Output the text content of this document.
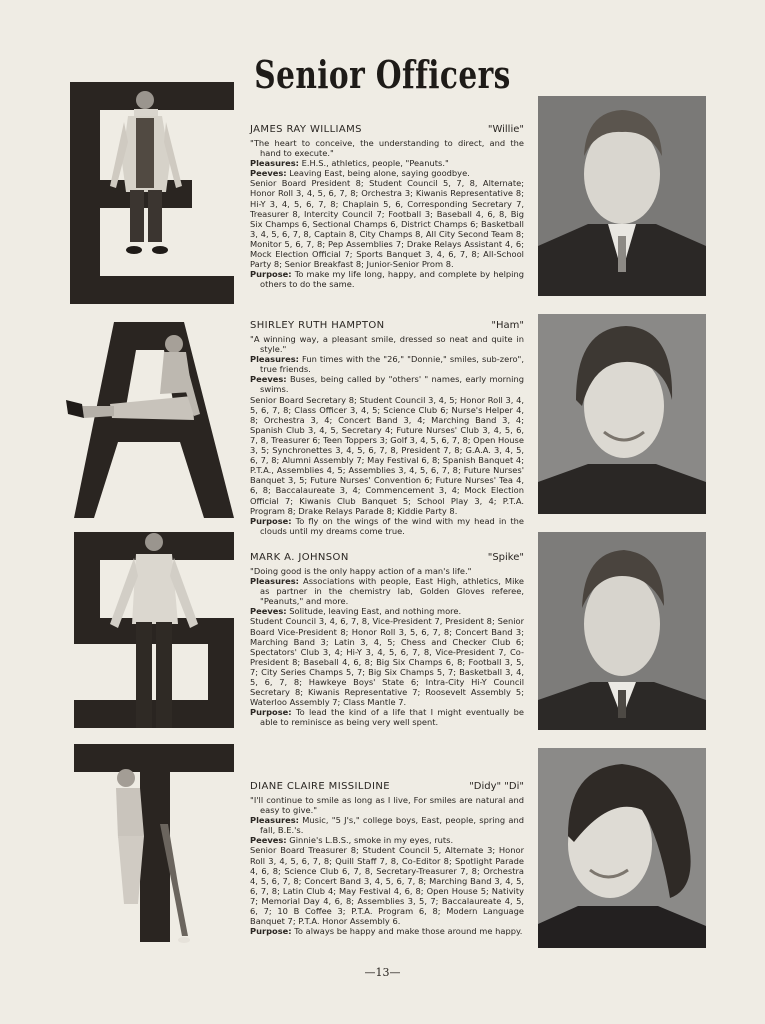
Senior Officers
JAMES RAY WILLIAMS	"Willie"
"The heart to conceive, the understanding to direct, and the hand to execute."
Pleasures: E.H.S., athletics, people, "Peanuts."
Peeves: Leaving East, being alone, saying goodbye.
Senior Board President 8; Student Council 5, 7, 8, Alternate; Honor Roll 3, 4, 5, 6, 7, 8; Orchestra 3; Kiwanis Representative 8; Hi-Y 3, 4, 5, 6, 7, 8; Chaplain 5, 6, Corresponding Secretary 7, Treasurer 8, Intercity Council 7; Football 3; Baseball 4, 6, 8, Big Six Champs 6, Sectional Champs 6, District Champs 6; Basketball 3, 4, 5, 6, 7, 8, Captain 8, City Champs 8, All City Second Team 8; Monitor 5, 6, 7, 8; Pep Assemblies 7; Drake Relays Assistant 4, 6; Mock Election Official 7; Sports Banquet 3, 4, 6, 7, 8; All-School Party 8; Senior Breakfast 8; Junior-Senior Prom 8.
Purpose: To make my life long, happy, and complete by helping others to do the same.
SHIRLEY RUTH HAMPTON	"Ham"
"A winning way, a pleasant smile, dressed so neat and quite in style."
Pleasures: Fun times with the "26," "Donnie," smiles, sub-zero", true friends.
Peeves: Buses, being called by "others' " names, early morning swims.
Senior Board Secretary 8; Student Council 3, 4, 5; Honor Roll 3, 4, 5, 6, 7, 8; Class Officer 3, 4, 5; Science Club 6; Nurse's Helper 4, 8; Orchestra 3, 4; Concert Band 3, 4; Marching Band 3, 4; Spanish Club 3, 4, 5, Secretary 4; Future Nurses' Club 3, 4, 5, 6, 7, 8, Treasurer 6; Teen Toppers 3; Golf 3, 4, 5, 6, 7, 8; Open House 3, 5; Synchronettes 3, 4, 5, 6, 7, 8, President 7, 8; G.A.A. 3, 4, 5, 6, 7, 8; Alumni Assembly 7; May Festival 6, 8; Spanish Banquet 4; P.T.A., Assemblies 4, 5; Assemblies 3, 4, 5, 6, 7, 8; Future Nurses' Banquet 3, 5; Future Nurses' Convention 6; Future Nurses' Tea 4, 6, 8; Baccalaureate 3, 4; Commencement 3, 4; Mock Election Official 7; Kiwanis Club Banquet 5; School Play 3, 4; P.T.A. Program 8; Drake Relays Parade 8; Kiddie Party 8.
Purpose: To fly on the wings of the wind with my head in the clouds until my dreams come true.
MARK A. JOHNSON	"Spike"
"Doing good is the only happy action of a man's life."
Pleasures: Associations with people, East High, athletics, Mike as partner in the chemistry lab, Golden Gloves referee, "Peanuts," and more.
Peeves: Solitude, leaving East, and nothing more.
Student Council 3, 4, 6, 7, 8, Vice-President 7, President 8; Senior Board Vice-President 8; Honor Roll 3, 5, 6, 7, 8; Concert Band 3; Marching Band 3; Latin 3, 4, 5; Chess and Checker Club 6; Spectators' Club 3, 4; Hi-Y 3, 4, 5, 6, 7, 8, Vice-President 7, Co-President 8; Baseball 4, 6, 8; Big Six Champs 6, 8; Football 3, 5, 7; City Series Champs 5, 7; Big Six Champs 5, 7; Basketball 3, 4, 5, 6, 7, 8; Hawkeye Boys' State 6; Intra-City Hi-Y Council Secretary 8; Kiwanis Representative 7; Roosevelt Assembly 5; Waterloo Assembly 7; Class Mantle 7.
Purpose: To lead the kind of a life that I might eventually be able to reminisce as being very well spent.
DIANE CLAIRE MISSILDINE	"Didy" "Di"
"I'll continue to smile as long as I live, For smiles are natural and easy to give."
Pleasures: Music, "5 J's," college boys, East, people, spring and fall, B.E.'s.
Peeves: Ginnie's L.B.S., smoke in my eyes, ruts.
Senior Board Treasurer 8; Student Council 5, Alternate 3; Honor Roll 3, 4, 5, 6, 7, 8; Quill Staff 7, 8, Co-Editor 8; Spotlight Parade 4, 6, 8; Science Club 6, 7, 8, Secretary-Treasurer 7, 8; Orchestra 4, 5, 6, 7, 8; Concert Band 3, 4, 5, 6, 7, 8; Marching Band 3, 4, 5, 6, 7, 8; Latin Club 4; May Festival 4, 6, 8; Open House 5; Nativity 7; Memorial Day 4, 6, 8; Assemblies 3, 5, 7; Baccalaureate 4, 5, 6, 7; 10 B Coffee 3; P.T.A. Program 6, 8; Modern Language Banquet 7; P.T.A. Honor Assembly 6.
Purpose: To always be happy and make those around me happy.
—13—
